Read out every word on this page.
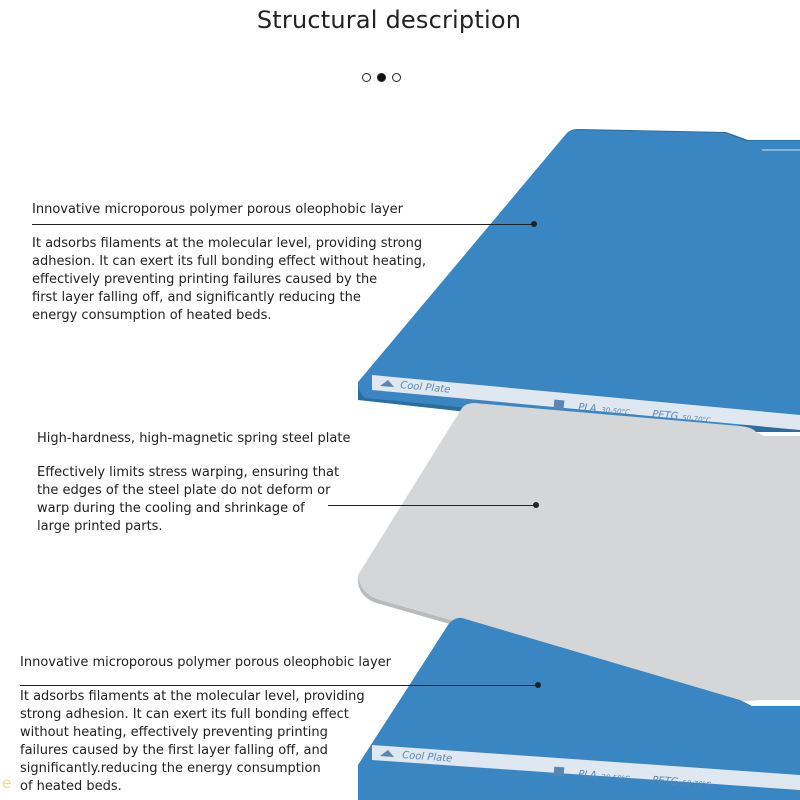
Structural description
Cool Plate
PLA 30-50°C PETG 50-70°C
Cool Plate
PLA 30-50°C PETG 50-70°C

Innovative microporous polymer porous oleophobic layer

It adsorbs filaments at the molecular level, providing strong
adhesion. It can exert its full bonding effect without heating,
effectively preventing printing failures caused by the
first layer falling off, and significantly reducing the
energy consumption of heated beds.

High-hardness, high-magnetic spring steel plate

Effectively limits stress warping, ensuring that
the edges of the steel plate do not deform or
warp during the cooling and shrinkage of
large printed parts.

Innovative microporous polymer porous oleophobic layer

It adsorbs filaments at the molecular level, providing
strong adhesion. It can exert its full bonding effect
without heating, effectively preventing printing
failures caused by the first layer falling off, and
significantly.reducing the energy consumption
of heated beds.

e
